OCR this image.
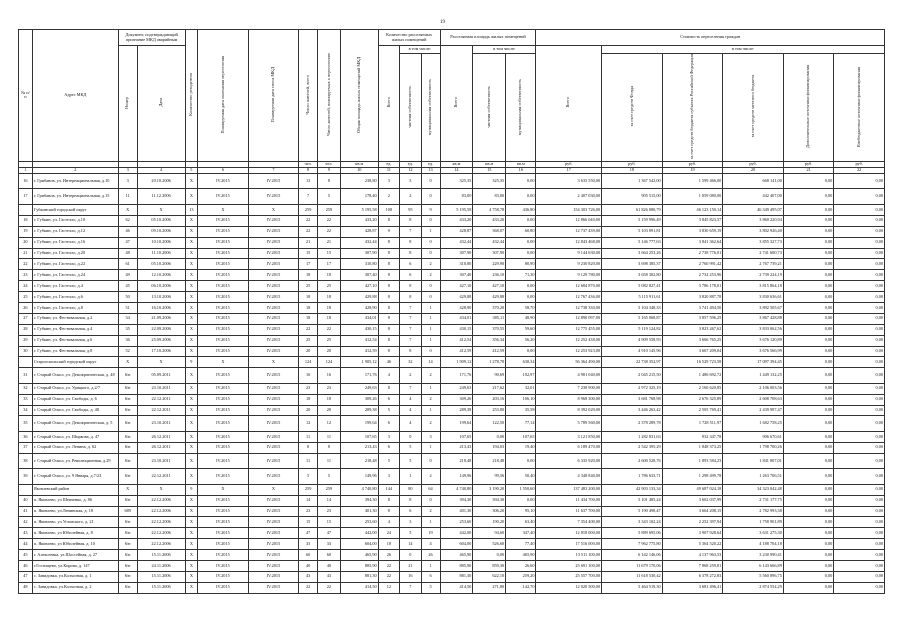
19
№ п/п	Адрес МКД	Документ, подтверждающий признание МКД аварийным		Количество резидентов	Планируемая дата окончания переселения	Планируемая дата сноса МКД	Число жителей, всего	Число жителей, планируемых к переселению	Общая площадь жилых помещений МКД	Количество расселяемых жилых помещений			Расселяемая площадь жилых помещений			Стоимость переселения граждан					
		Номер	Дата							Всего	в том числе:		Всего	в том числе:		Всего	в том числе:				
											частная собственность	муниципальная собственность		частная собственность	муниципальная собственность		за счет средств Фонда	за счет средств бюджета субъекта Российской Федерации	за счет средств местного бюджета	Дополнительные источники финансирования	Внебюджетные источники финансирования
							чел.	чел.	кв.м	ед.	ед.	ед.	кв.м	кв.м	кв.м	руб.	руб.	руб.	руб.	руб.	руб.
1	2	3	4	5	6	7	8	9	10	11	12	13	14	15	16	17	18	19	20	21	22
16	г. Грибанов, ул. Интернациональная, д.10	3	20.10.2006	X	IV.2015	IV.2015	13	8	238,80	3	3	0	325,35	325,35	0,00	3 635 550,00	1 367 542,00	1 599 466,00	668 141,00	0,00	0,00
17	г. Грибанов, ул. Интернациональная, д.15	11	11.12.2006	X	IV.2015	IV.2015	7	5	178,40	2	2	0	83,00	83,00	0,00	2 407 030,00	905 515,00	1 059 080,00	442 407,00	0,00	0,00
	Губкинский городской округ	X	X	13	X	X	259	259	5 195,58	108	95	9	5 195,58	4 758,78	436,80	154 303 726,00	61 826 080,79	46 123 150,14	46 349 495,07	0,00	0,00
18	г. Губкин, ул. Гастелло, д.10	62	05.10.2006	X	IV.2015	IV.2015	22	22	433,20	8	8	0	433,20	433,20	0,00	12 866 040,00	5 159 996,49	3 845 823,57	3 860 220,94	0,00	0,00
19	г. Губкин, ул. Гастелло, д.12	46	09.10.2006	X	IV.2015	IV.2015	22	22	428,87	9	7	1	428,87	368,07	60,80	12 737 439,00	5 103 891,81	3 830 659,19	3 802 926,40	0,00	0,00
20	г. Губкин, ул. Гастелло, д.16	47	10.10.2006	X	IV.2015	IV.2015	21	21	432,44	8	8	0	432,44	432,44	0,00	12 843 468,00	5 146 777,63	3 841 362,64	3 855 327,73	0,00	0,00
21	г. Губкин, ул. Гастелло, д.20	48	11.10.2006	X	IV.2015	IV.2015	15	15	307,90	8	8	0	307,90	307,90	0,00	9 144 630,00	3 664 253,26	2 738 776,01	2 741 600,73	0,00	0,00
22	г. Губкин, ул. Гастелло, д.22	61	05.10.2006	X	IV.2015	IV.2015	17	17	310,80	8	6	2	310,80	229,90	80,90	9 230 820,00	3 698 385,37	2 760 991,42	2 767 739,21	0,00	0,00
23	г. Губкин, ул. Гастелло, д.24	49	12.10.2006	X	IV.2015	IV.2015	18	18	307,40	8	6	2	307,40	236,10	71,30	9 129 780,00	3 658 302,80	2 732 253,96	2 739 224,19	0,00	0,00
24	г. Губкин, ул. Гастелло, д.4	45	06.10.2006	X	IV.2015	IV.2015	25	25	427,10	8	8	0	427,10	427,10	0,00	12 684 870,00	5 082 827,41	3 786 178,01	3 815 864,18	0,00	0,00
25	г. Губкин, ул. Гастелло, д.6	50	13.10.2006	X	IV.2015	IV.2015	18	18	429,88	8	8	0	429,88	429,88	0,00	12 767 436,00	5 115 911,61	3 820 887,78	3 830 636,61	0,00	0,00
26	г. Губкин, ул. Гастелло, д.8	51	16.10.2006	X	IV.2015	IV.2015	18	18	428,90	8	7	1	428,90	370,20	58,70	12 738 330,00	5 104 348,33	3 741 494,50	3 892 505,67	0,00	0,00
27	г. Губкин, ул. Фестивальная, д.2	34	21.09.2006	X	IV.2015	IV.2015	18	18	434,01	8	7	1	434,01	385,11	48,90	12 890 097,00	5 165 068,87	3 857 596,25	3 867 428,88	0,00	0,00
28	г. Губкин, ул. Фестивальная, д.4	35	22.09.2006	X	IV.2015	IV.2015	22	22	430,15	8	7	1	430,15	370,55	59,60	12 775 455,00	5 119 124,82	3 823 267,62	3 833 062,56	0,00	0,00
29	г. Губкин, ул. Фестивальная, д.6	36	25.09.2006	X	IV.2015	IV.2015	25	25	412,54	8	7	1	412,54	356,34	56,20	12 252 438,00	4 909 558,93	3 666 765,25	3 676 120,89	0,00	0,00
30	г. Губкин, ул. Фестивальная, д.8	52	17.10.2006	X	IV.2015	IV.2015	20	20	412,59	8	8	0	412,59	412,59	0,00	12 253 923,00	4 910 145,96	3 667 209,04	3 676 566,99	0,00	0,00
	Старооскольский городской округ	X	X	9	X	X	124	124	1 905,12	46	32	14	1 909,12	1 278,78	630,34	56 364 490,00	22 738 352,97	16 529 723,58	17 097 394,45	0,00	0,00
31	г. Старый Оскол, ул. Демократическая, д. 48	6/н	05.09.2011	X	IV.2015	IV.2015	16	16	171,76	4	2	2	171,76	90,69	102,97	4 981 040,00	2 045 215,50	1 486 692,72	1 449 132,25	0,00	0,00
32	г. Старый Оскол, ул. Урицкого, д.2/7	6/н	23.10.2011	X	IV.2015	IV.2015	23	23	249,63	8	7	1	249,63	217,62	32,01	7 238 900,00	2 972 325,19	2 160 620,85	2 106 003,56	0,00	0,00
33	г. Старый Оскол, ул. Свободы, д. 6	6/н	22.12.2011	X	IV.2015	IV.2015	18	18	309,26	6	4	2	309,26	203,16	106,10	8 968 300,00	3 681 768,98	2 676 325,89	2 608 708,63	0,00	0,00
34	г. Старый Оскол, ул. Свободы, д. 48	6/н	22.12.2011	X	IV.2015	IV.2015	20	20	289,38	5	4	1	289,38	253,80	35,58	8 392 020,00	3 446 263,42	2 505 769,41	2 439 987,47	0,00	0,00
35	г. Старый Оскол, ул. Демократическая, д. 5	6/н	23.10.2011	X	IV.2015	IV.2015	12	12	199,64	6	4	2	199,64	122,50	77,14	5 789 560,00	2 378 289,78	1 728 511,97	1 682 758,25	0,00	0,00
36	г. Старый Оскол, ул. Ширкова, д. 47	6/н	26.12.2011	X	IV.2015	IV.2015	11	11	107,65	3	0	3	107,65	0,00	107,65	3 121 850,00	1 282 831,63	932 347,78	906 670,61	0,00	0,00
37	г. Старый Оскол, ул. Ленина, д. 62	6/н	26.12.2011	X	IV.2015	IV.2015	8	8	213,43	6	5	1	213,43	194,03	19,40	6 189 470,00	2 542 395,29	1 848 373,25	1 798 700,26	0,00	0,00
38	г. Старый Оскол, ул. Революционная, д.29	6/н	23.10.2011	X	IV.2015	IV.2015	11	11	218,48	5	5	0	218,48	218,48	0,00	6 335 920,00	2 600 528,76	1 893 584,23	1 841 807,01	0,00	0,00
39	г. Старый Оскол, ул. 9 Января, д.7/23	6/н	22.12.2011	X	IV.2015	IV.2015	5	5	149,96	3	1	2	149,96	99,56	50,40	4 348 840,00	1 786 633,71	1 298 499,78	1 263 706,51	0,00	0,00
	Яковлевский район	X	X	9	X	X	259	259	4 740,80	144	80	64	4 740,80	3 190,20	1 550,60	137 483 200,00	42 903 133,34	49 687 024,18	34 323 042,48	0,00	0,00
40	п. Яковлево, ул Шевченко, д. 86	6/н	22.12.2006	X	IV.2015	IV.2015	14	14	394,30	8	8	0	394,30	394,30	0,00	11 434 700,00	5 101 485,24	3 602 037,99	2 731 177,75	0,00	0,00
41	п. Яковлево, ул.Ленинская, д. 18	689	22.12.2006	X	IV.2015	IV.2015	23	23	401,30	8	6	2	401,30	306,20	95,10	11 637 700,00	5 190 498,47	3 664 208,15	2 782 993,38	0,00	0,00
42	п. Яковлево, ул Угловского, д. 21	6/н	22.12.2006	X	IV.2015	IV.2015	15	15	253,60	4	3	1	253,60	190,20	63,40	7 354 400,00	3 343 102,24	2 252 397,94	1 758 901,89	0,00	0,00
43	п. Яковлево, ул Юбилейная, д. 8	6/н	22.12.2006	X	IV.2015	IV.2015	47	47	442,00	24	5	19	442,00	94,60	347,40	12 818 000,00	5 889 695,06	3 907 928,64	3 631 275,30	0,00	0,00
44	п. Яковлево, ул Юбилейная, д. 10	6/н	22.12.2006	X	IV.2015	IV.2015	33	33	604,00	18	14	4	604,00	526,60	77,40	17 516 000,00	7 962 775,80	5 364 520,22	4 188 704,18	0,00	0,00
45	г. Алексеевка, ул.Шоссейная, д. 27	6/н	15.11.2006	X	IV.2015	IV.2015	60	60	465,90	26	0	26	465,90	0,00	465,90	13 511 100,00	6 142 146,06	4 137 963,53	3 230 990,41	0,00	0,00
46	г.Гостищево, ул.Кирова, д. 147	6/н	24.11.2006	X	IV.2015	IV.2015	40	40	885,90	22	21	1	885,90	859,30	26,60	25 691 100,00	11 679 170,06	7 868 259,81	6 143 666,89	0,00	0,00
47	с. Завидовка, ул.Колхозная, д. 1	6/н	15.11.2006	X	IV.2015	IV.2015	43	43	881,30	22	16	6	881,30	622,10	259,20	25 557 700,00	11 618 530,42	6 378 272,83	5 560 896,75	0,00	0,00
48	с. Завидовка, ул.Колхозная, д. 2	6/н	15.11.2006	X	IV.2015	IV.2015	22	22	414,50	12	7	5	414,50	271,80	142,70	12 020 500,00	5 464 519,30	3 681 496,41	2 874 554,29	0,00	0,00
